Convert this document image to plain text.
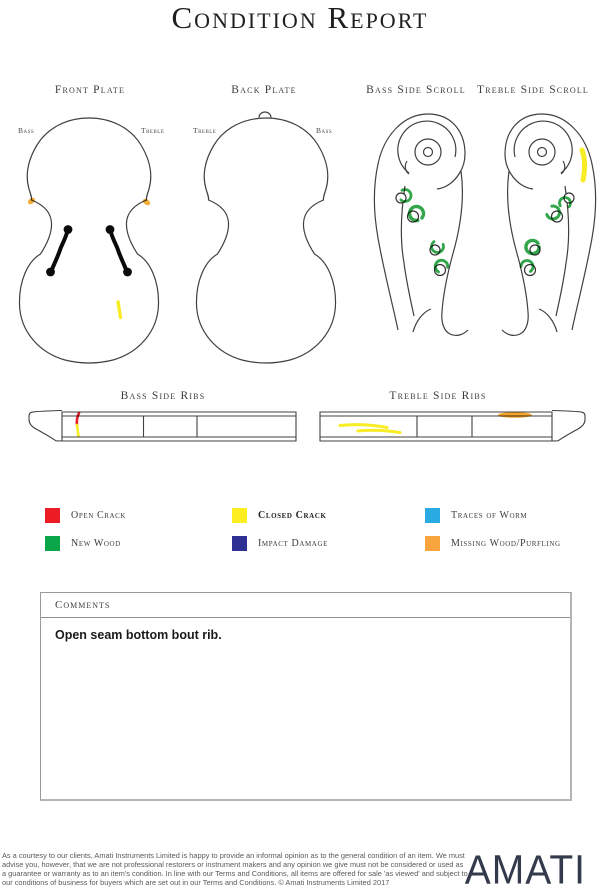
Condition Report
Front Plate	Back Plate	Bass Side Scroll Treble Side Scroll
Bass Side Ribs	Treble Side Ribs
Bass	Treble	Treble	Bass
Open Crack	Closed Crack	Traces of Worm
New Wood	Impact Damage	Missing Wood/Purfling
Comments
Open seam bottom bout rib.
As a courtesy to our clients, Amati Instruments Limited is happy to provide an informal opinion as to the general condition of an item. We must
advise you, however, that we are not professional restorers or instrument makers and any opinion we give must not be considered or used as
a guarantee or warranty as to an item's condition. In line with our Terms and Conditions, all items are offered for sale 'as viewed' and subject to
our conditions of business for buyers which are set out in our Terms and Conditions. © Amati Instruments Limited 2017	AMATI
